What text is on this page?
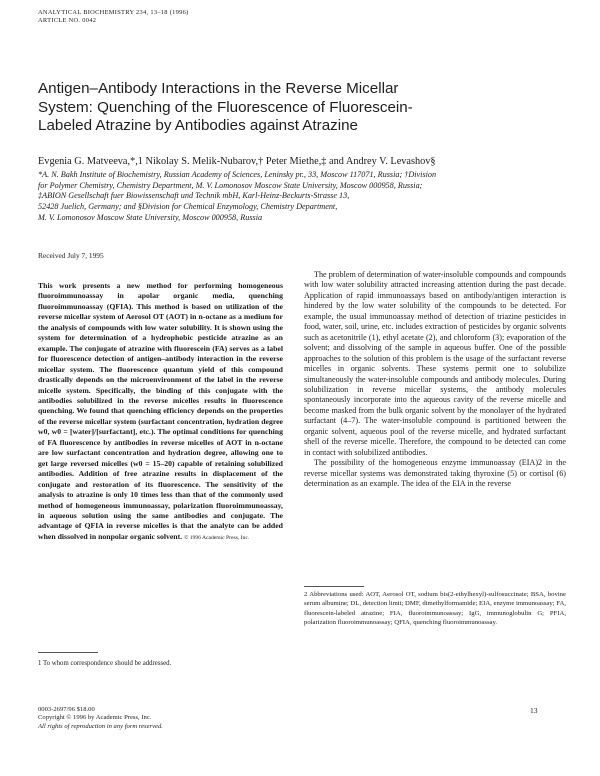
ANALYTICAL BIOCHEMISTRY 234, 13–18 (1996)
ARTICLE NO. 0042
Antigen–Antibody Interactions in the Reverse Micellar
System: Quenching of the Fluorescence of Fluorescein-
Labeled Atrazine by Antibodies against Atrazine
Evgenia G. Matveeva,*,1 Nikolay S. Melik-Nubarov,† Peter Miethe,‡ and Andrey V. Levashov§
*A. N. Bakh Institute of Biochemistry, Russian Academy of Sciences, Leninsky pr., 33, Moscow 117071, Russia; †Division
for Polymer Chemistry, Chemistry Department, M. V. Lomonosov Moscow State University, Moscow 000958, Russia;
‡ABION Gesellschaft fuer Biowissenschaft und Technik mbH, Karl-Heinz-Beckurts-Strasse 13,
52428 Juelich, Germany; and §Division for Chemical Enzymology, Chemistry Department,
M. V. Lomonosov Moscow State University, Moscow 000958, Russia
Received July 7, 1995
This work presents a new method for performing homogeneous fluoroimmunoassay in apolar organic media, quenching fluoroimmunoassay (QFIA). This method is based on utilization of the reverse micellar system of Aerosol OT (AOT) in n-octane as a medium for the analysis of compounds with low water solubility. It is shown using the system for determination of a hydrophobic pesticide atrazine as an example. The conjugate of atrazine with fluorescein (FA) serves as a label for fluorescence detection of antigen–antibody interaction in the reverse micellar system. The fluorescence quantum yield of this compound drastically depends on the microenvironment of the label in the reverse micelle system. Specifically, the binding of this conjugate with the antibodies solubilized in the reverse micelles results in fluorescence quenching. We found that quenching efficiency depends on the properties of the reverse micellar system (surfactant concentration, hydration degree w0, w0 = [water]/[surfactant], etc.). The optimal conditions for quenching of FA fluorescence by antibodies in reverse micelles of AOT in n-octane are low surfactant concentration and hydration degree, allowing one to get large reversed micelles (w0 = 15–20) capable of retaining solubilized antibodies. Addition of free atrazine results in displacement of the conjugate and restoration of its fluorescence. The sensitivity of the analysis to atrazine is only 10 times less than that of the commonly used method of homogeneous immunoassay, polarization fluoroimmunoassay, in aqueous solution using the same antibodies and conjugate. The advantage of QFIA in reverse micelles is that the analyte can be added when dissolved in nonpolar organic solvent. © 1996 Academic Press, Inc.

The problem of determination of water-insoluble compounds and compounds with low water solubility attracted increasing attention during the past decade. Application of rapid immunoassays based on antibody/antigen interaction is hindered by the low water solubility of the compounds to be detected. For example, the usual immunoassay method of detection of triazine pesticides in food, water, soil, urine, etc. includes extraction of pesticides by organic solvents such as acetonitrile (1), ethyl acetate (2), and chloroform (3); evaporation of the solvent; and dissolving of the sample in aqueous buffer. One of the possible approaches to the solution of this problem is the usage of the surfactant reverse micelles in organic solvents. These systems permit one to solubilize simultaneously the water-insoluble compounds and antibody molecules. During solubilization in reverse micellar systems, the antibody molecules spontaneously incorporate into the aqueous cavity of the reverse micelle and become masked from the bulk organic solvent by the monolayer of the hydrated surfactant (4–7). The water-insoluble compound is partitioned between the organic solvent, aqueous pool of the reverse micelle, and hydrated surfactant shell of the reverse micelle. Therefore, the compound to be detected can come in contact with solubilized antibodies.

The possibility of the homogeneous enzyme immunoassay (EIA)2 in the reverse micellar systems was demonstrated taking thyroxine (5) or cortisol (6) determination as an example. The idea of the EIA in the reverse

2 Abbreviations used: AOT, Aerosol OT, sodium bis(2-ethylhexyl)-sulfosuccinate; BSA, bovine serum albumine; DL, detection limit; DMF, dimethylformamide; EIA, enzyme immunoassay; FA, fluorescein-labeled atrazine; FIA, fluoroimmunoassay; IgG, immunoglobulin G; PFIA, polarization fluoroimmunoassay; QFIA, quenching fluoroimmunoassay.
1 To whom correspondence should be addressed.
0003-2697/96 $18.00
Copyright © 1996 by Academic Press, Inc.
All rights of reproduction in any form reserved.
13
